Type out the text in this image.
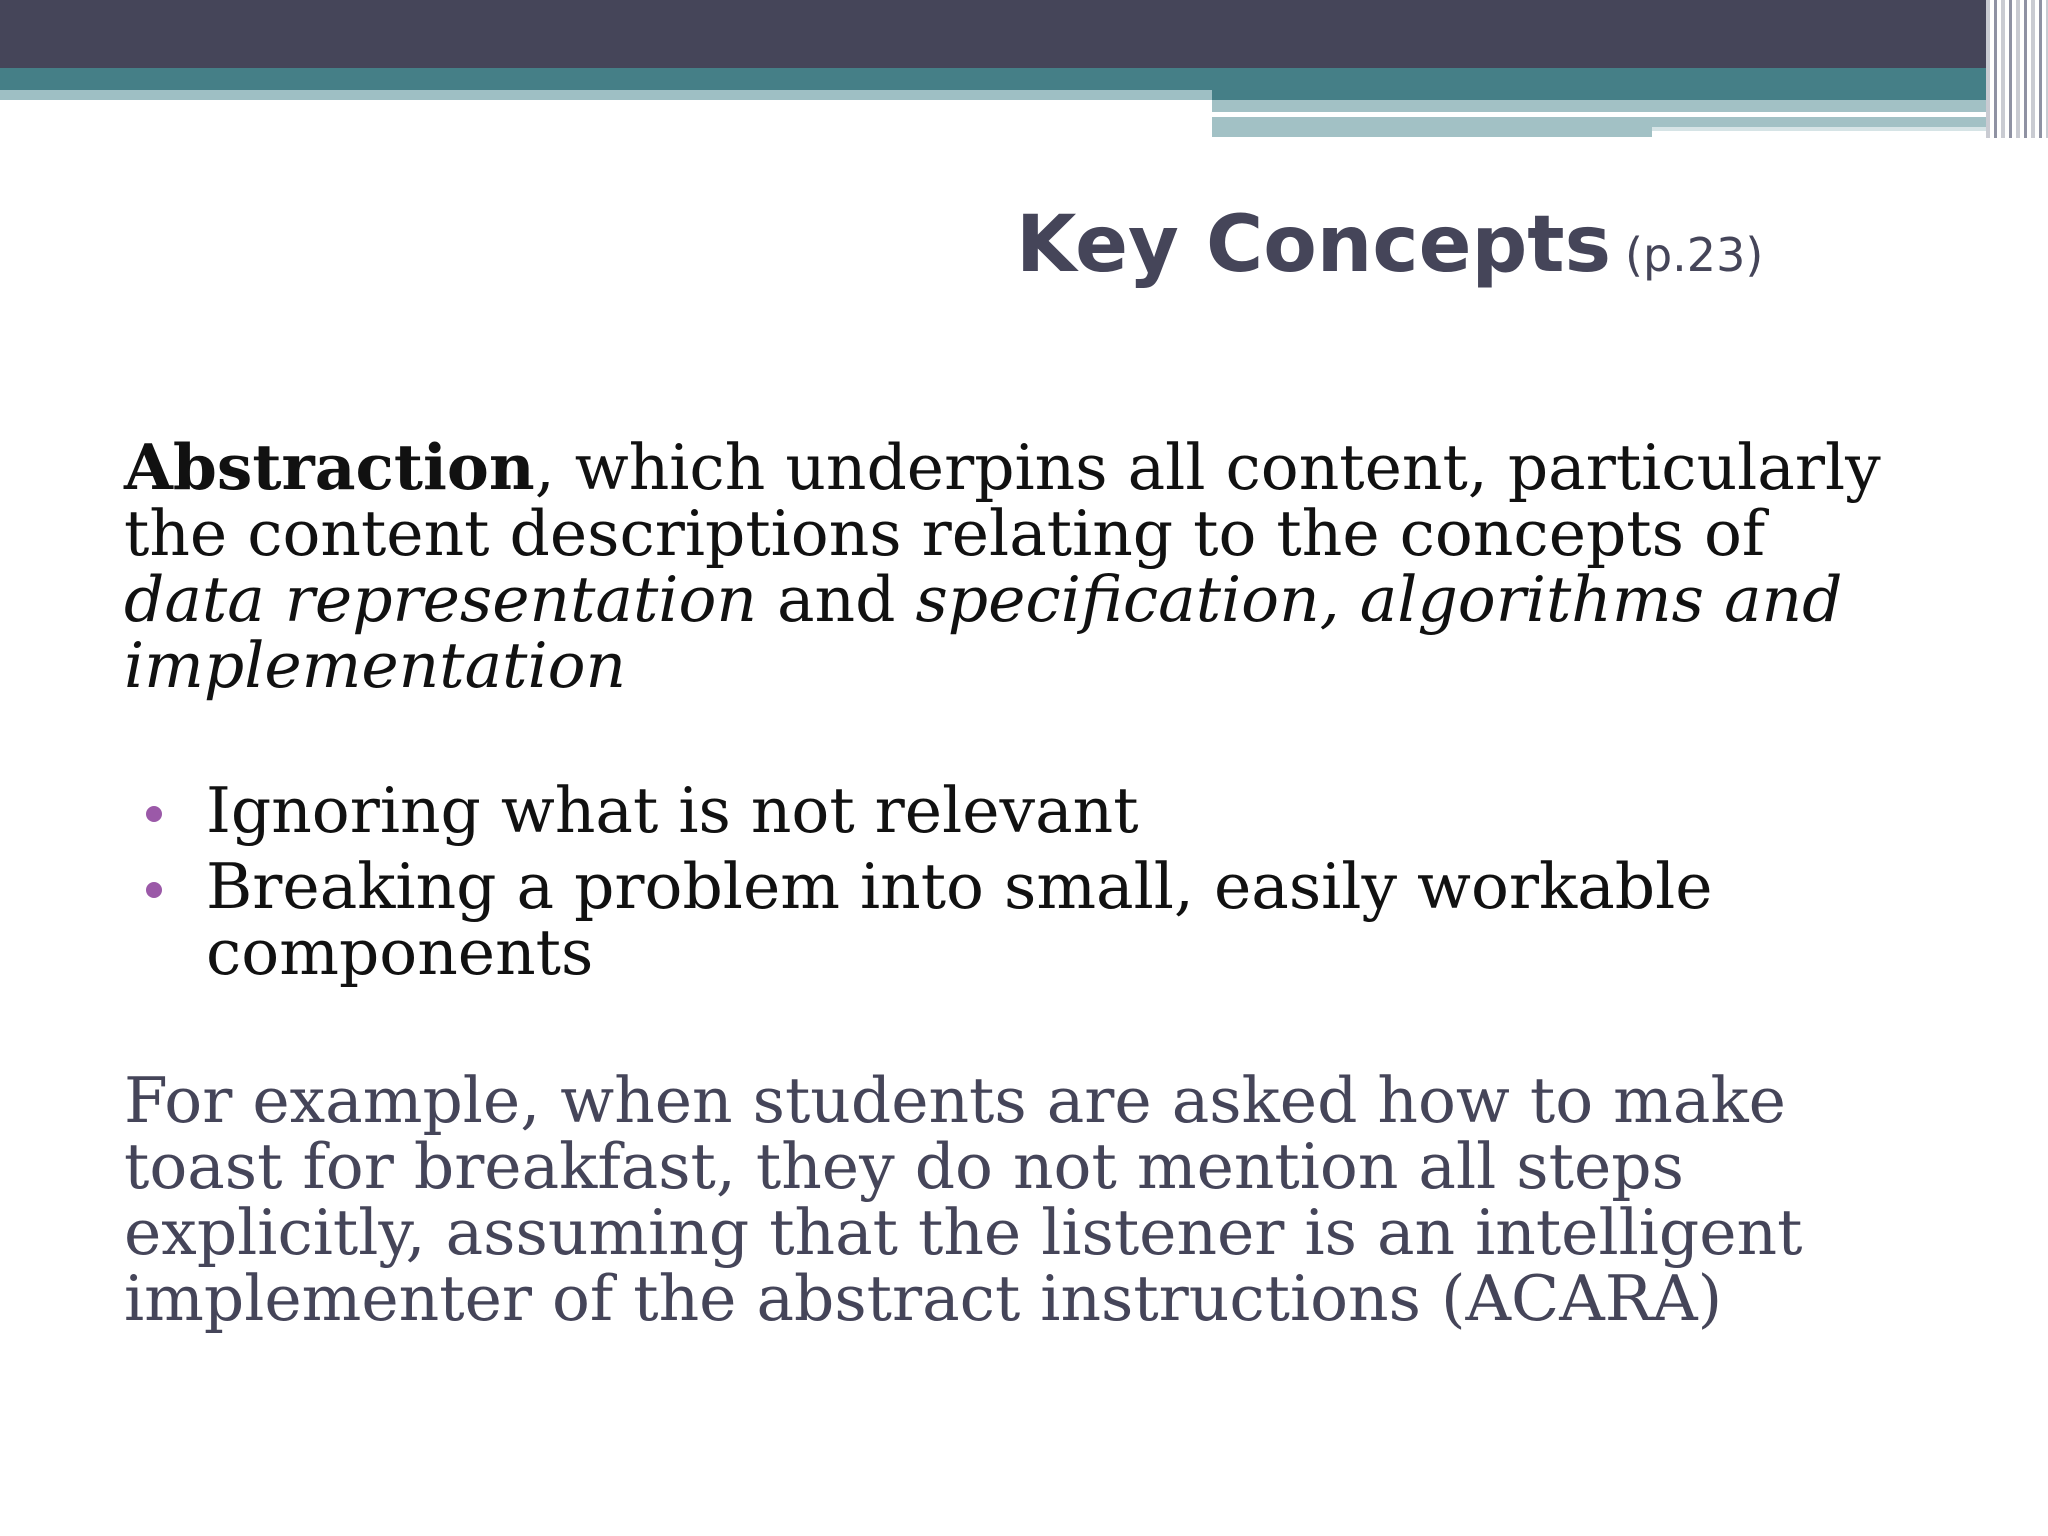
Key Concepts (p.23)
Abstraction, which underpins all content, particularly the content descriptions relating to the concepts of data representation and specification, algorithms and implementation
Ignoring what is not relevant
Breaking a problem into small, easily workable components
For example, when students are asked how to make toast for breakfast, they do not mention all steps explicitly, assuming that the listener is an intelligent implementer of the abstract instructions (ACARA)
